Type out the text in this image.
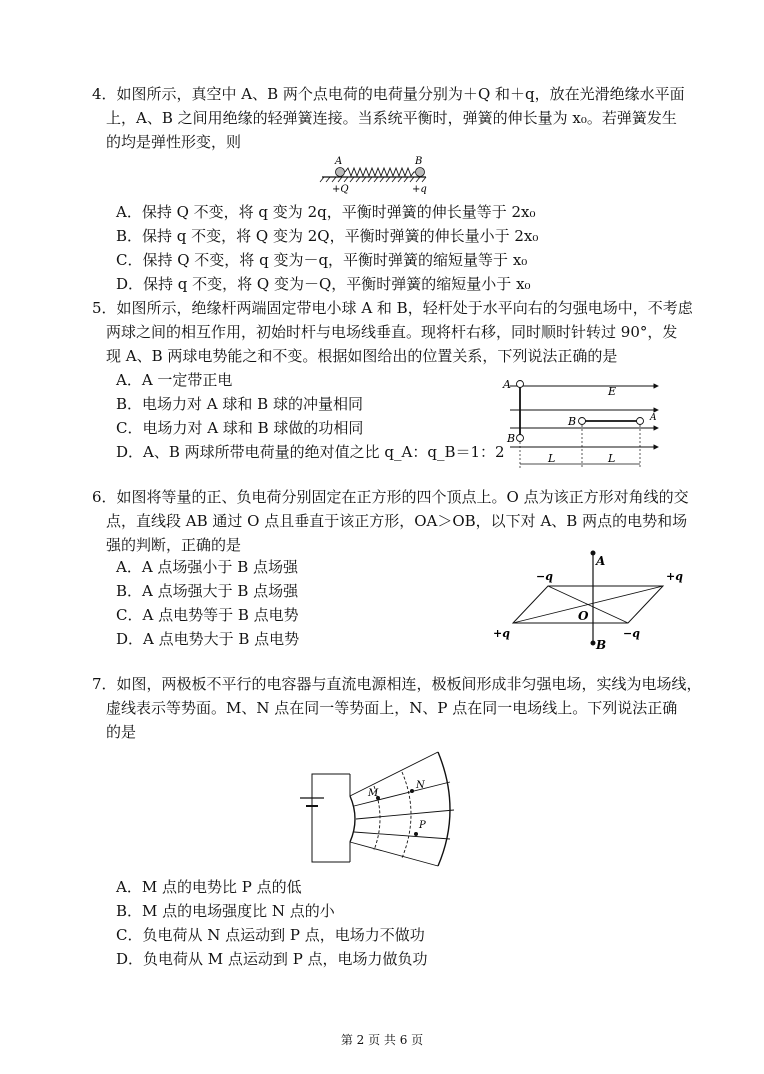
4．如图所示，真空中 A、B 两个点电荷的电荷量分别为＋Q 和＋q，放在光滑绝缘水平面
上，A、B 之间用绝缘的轻弹簧连接。当系统平衡时，弹簧的伸长量为 x₀。若弹簧发生
的均是弹性形变，则
A	B
+Q	+q
A．保持 Q 不变，将 q 变为 2q，平衡时弹簧的伸长量等于 2x₀
B．保持 q 不变，将 Q 变为 2Q，平衡时弹簧的伸长量小于 2x₀
C．保持 Q 不变，将 q 变为－q，平衡时弹簧的缩短量等于 x₀
D．保持 q 不变，将 Q 变为－Q，平衡时弹簧的缩短量小于 x₀
5．如图所示，绝缘杆两端固定带电小球 A 和 B，轻杆处于水平向右的匀强电场中，不考虑
两球之间的相互作用，初始时杆与电场线垂直。现将杆右移，同时顺时针转过 90°，发
现 A、B 两球电势能之和不变。根据如图给出的位置关系，下列说法正确的是
A
B
B	A
E
L	L
A．A 一定带正电
B．电场力对 A 球和 B 球的冲量相同
C．电场力对 A 球和 B 球做的功相同
D．A、B 两球所带电荷量的绝对值之比 q_A：q_B＝1：2
6．如图将等量的正、负电荷分别固定在正方形的四个顶点上。O 点为该正方形对角线的交
点，直线段 AB 通过 O 点且垂直于该正方形，OA＞OB，以下对 A、B 两点的电势和场
强的判断，正确的是
A
B
O
−q	+q
+q	−q
A．A 点场强小于 B 点场强
B．A 点场强大于 B 点场强
C．A 点电势等于 B 点电势
D．A 点电势大于 B 点电势
7．如图，两极板不平行的电容器与直流电源相连，极板间形成非匀强电场，实线为电场线，
虚线表示等势面。M、N 点在同一等势面上，N、P 点在同一电场线上。下列说法正确
的是
M
N
P
A．M 点的电势比 P 点的低
B．M 点的电场强度比 N 点的小
C．负电荷从 N 点运动到 P 点，电场力不做功
D．负电荷从 M 点运动到 P 点，电场力做负功
第 2 页 共 6 页
